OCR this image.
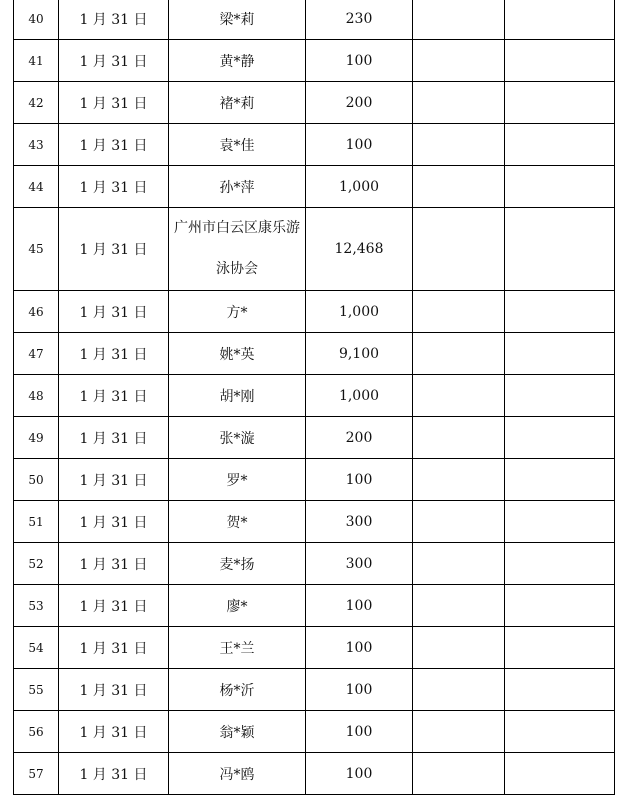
40	1 月 31 日	梁*莉	230		
41	1 月 31 日	黄*静	100		
42	1 月 31 日	褚*莉	200		
43	1 月 31 日	袁*佳	100		
44	1 月 31 日	孙*萍	1,000		
45	1 月 31 日	广州市白云区康乐游泳协会	12,468		
46	1 月 31 日	方*	1,000		
47	1 月 31 日	姚*英	9,100		
48	1 月 31 日	胡*刚	1,000		
49	1 月 31 日	张*漩	200		
50	1 月 31 日	罗*	100		
51	1 月 31 日	贺*	300		
52	1 月 31 日	麦*扬	300		
53	1 月 31 日	廖*	100		
54	1 月 31 日	王*兰	100		
55	1 月 31 日	杨*沂	100		
56	1 月 31 日	翁*颖	100		
57	1 月 31 日	冯*鸥	100		
